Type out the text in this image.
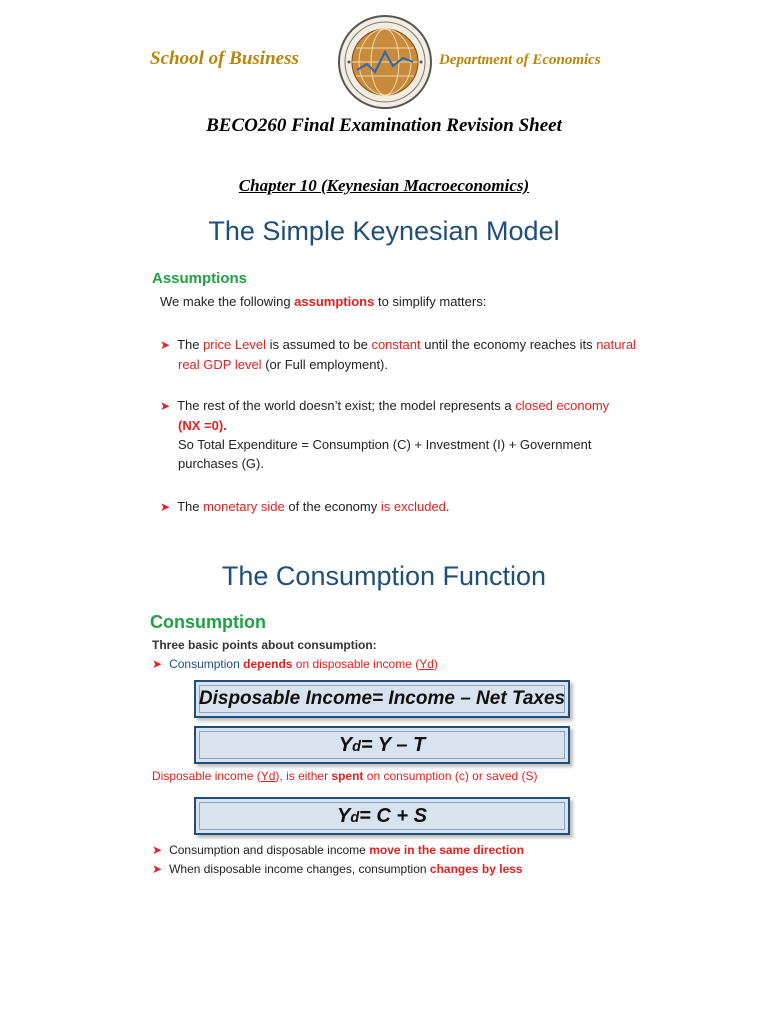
School of Business	Department of Economics
BECO260 Final Examination Revision Sheet
Chapter 10 (Keynesian Macroeconomics)
The Simple Keynesian Model
Assumptions
We make the following assumptions to simplify matters:
➤ The price Level is assumed to be constant until the economy reaches its natural
real GDP level (or Full employment).
➤ The rest of the world doesn’t exist; the model represents a closed economy
(NX =0).
So Total Expenditure = Consumption (C) + Investment (I) + Government
purchases (G).
➤ The monetary side of the economy is excluded.
The Consumption Function
Consumption
Three basic points about consumption:
➤ Consumption depends on disposable income (Yd)
Disposable Income= Income – Net Taxes
Yd= Y – T
Disposable income (Yd), is either spent on consumption (c) or saved (S)
Yd= C + S
➤ Consumption and disposable income move in the same direction
➤ When disposable income changes, consumption changes by less
